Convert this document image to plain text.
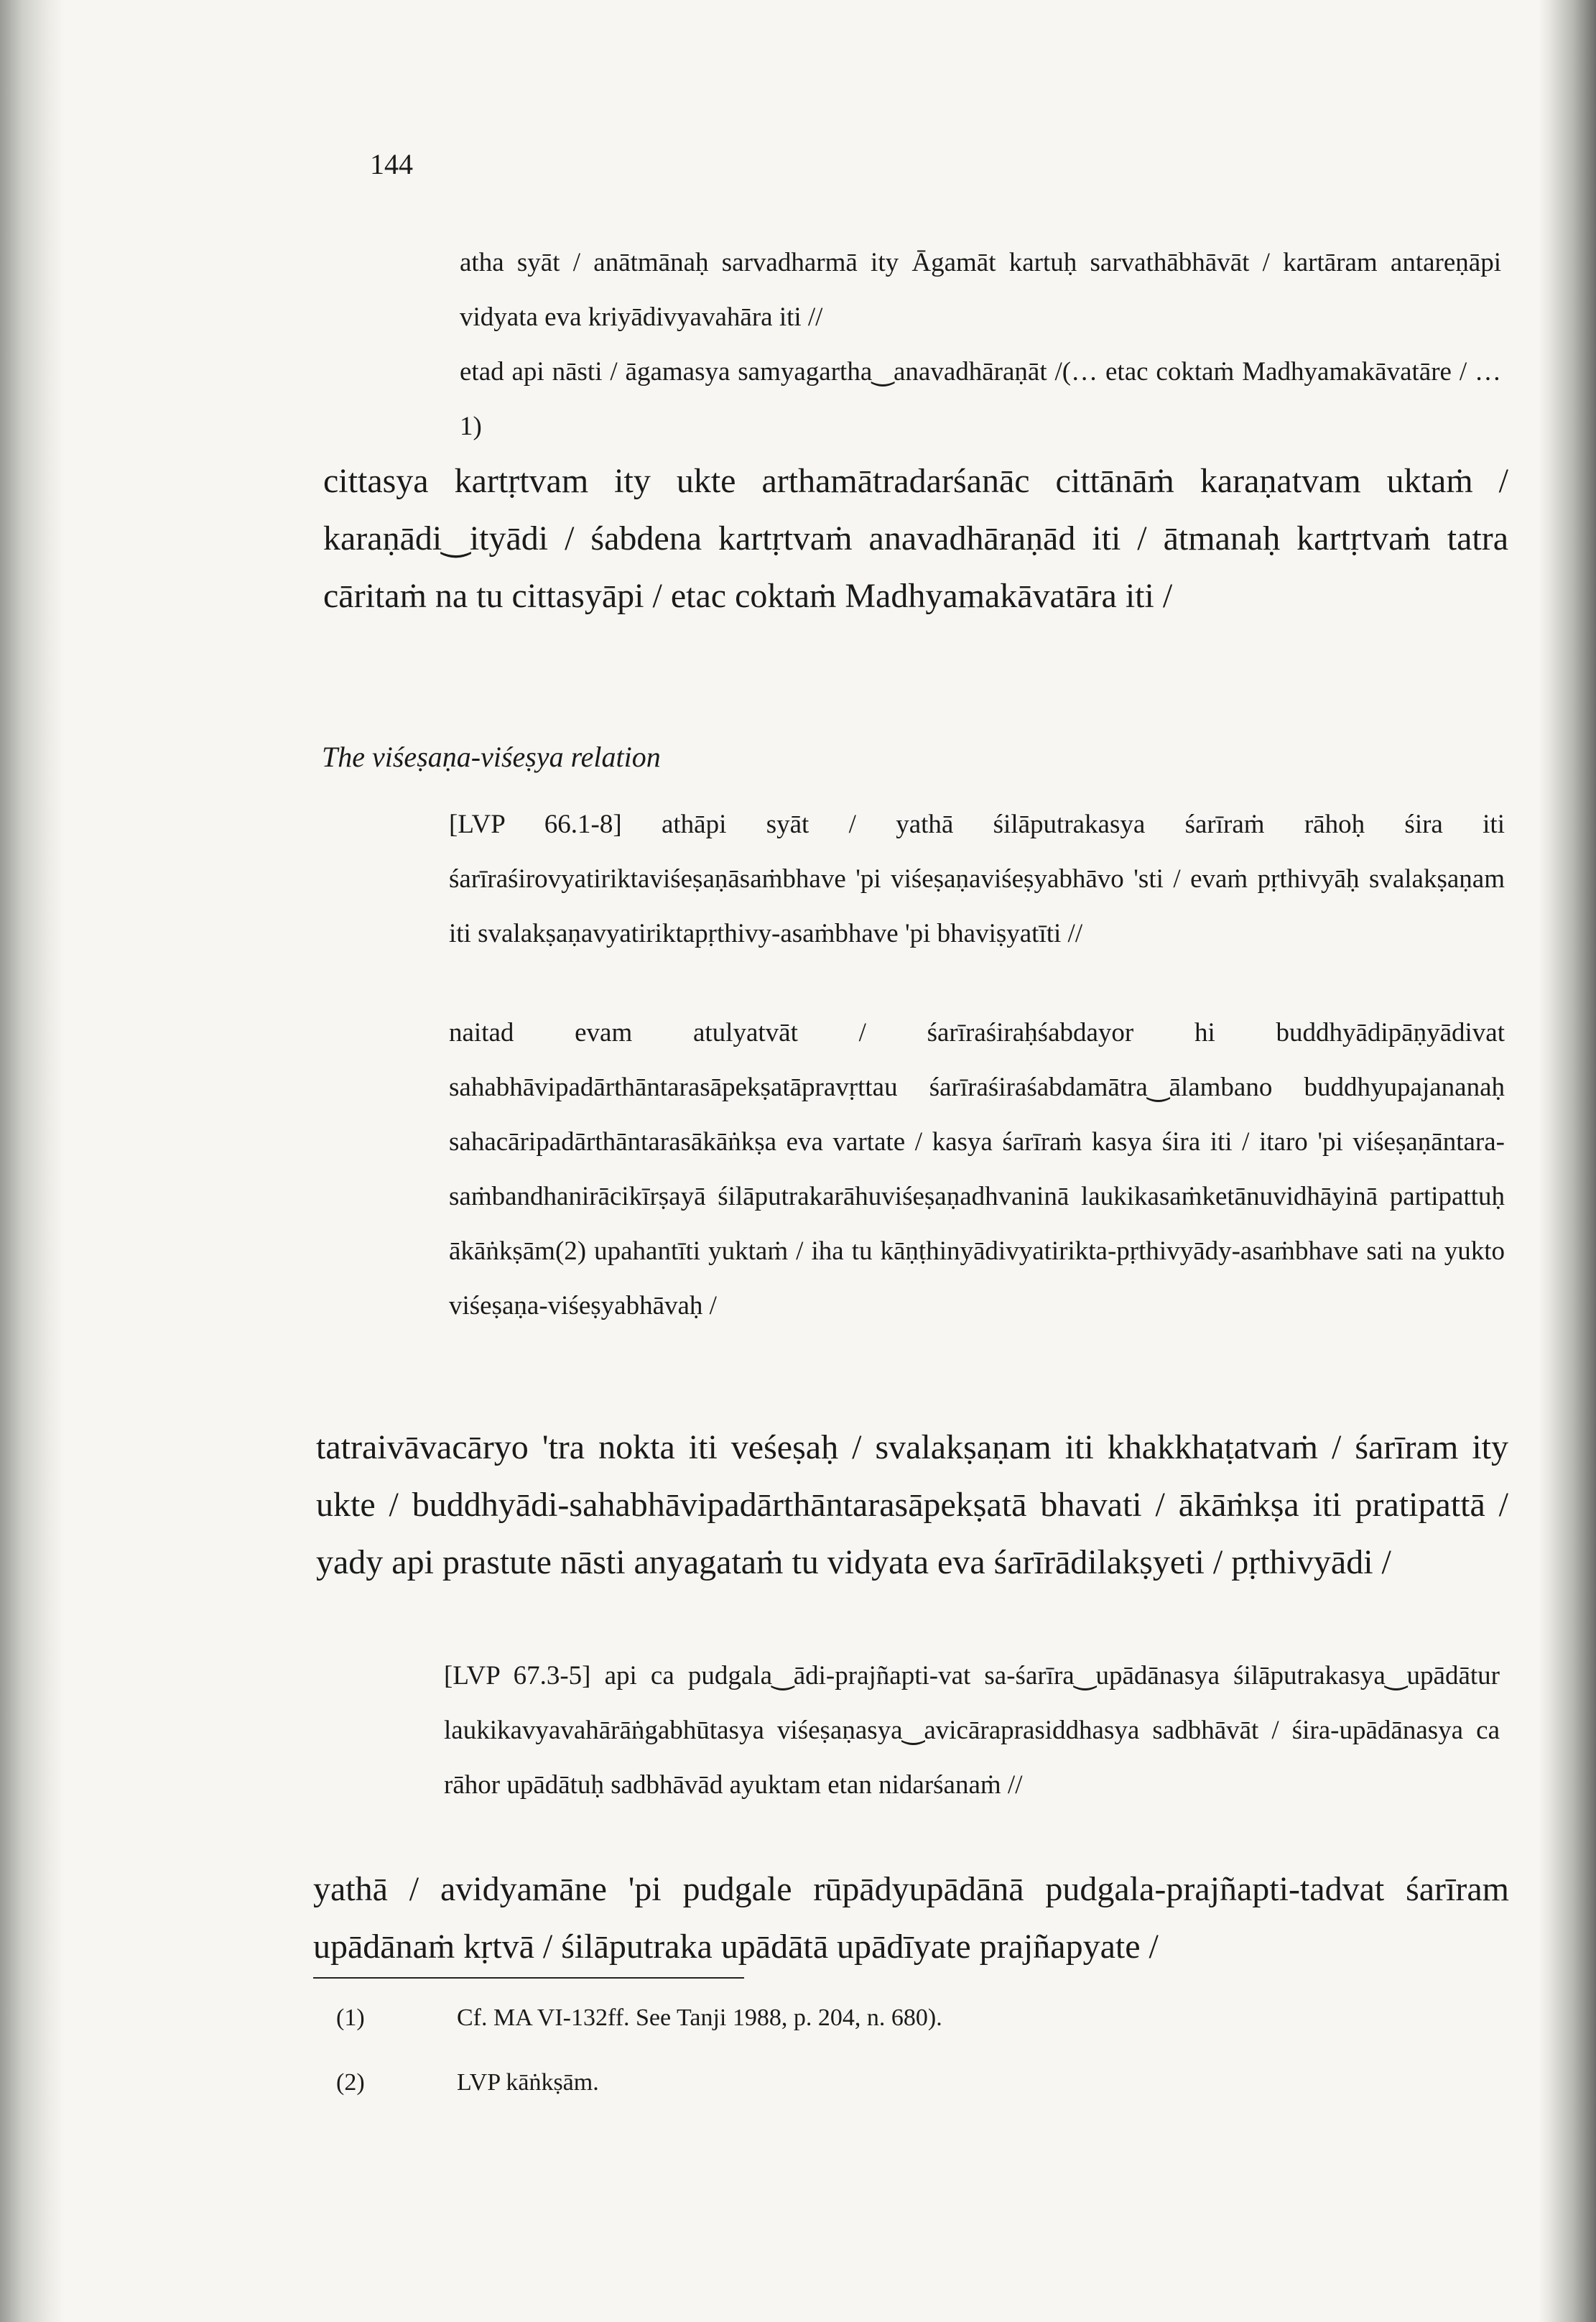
144

atha syāt / anātmānaḥ sarvadharmā ity Āgamāt kartuḥ sarvathābhāvāt / kartāram antareṇāpi vidyata eva kriyādivyavahāra iti //

etad api nāsti / āgamasya samyagartha‿anavadhāraṇāt /(… etac coktaṁ Madhyamakāvatāre / …1)

cittasya kartṛtvam ity ukte arthamātradarśanāc cittānāṁ karaṇatvam uktaṁ / karaṇādi‿ityādi / śabdena kartṛtvaṁ anavadhāraṇād iti / ātmanaḥ kartṛtvaṁ tatra cāritaṁ na tu cittasyāpi / etac coktaṁ Madhyamakāvatāra iti /

The viśeṣaṇa-viśeṣya relation

[LVP 66.1-8] athāpi syāt / yathā śilāputrakasya śarīraṁ rāhoḥ śira iti śarīraśirovyatiriktaviśeṣaṇāsaṁbhave 'pi viśeṣaṇaviśeṣyabhāvo 'sti / evaṁ pṛthivyāḥ svalakṣaṇam iti svalakṣaṇavyatiriktapṛthivy-asaṁbhave 'pi bhaviṣyatīti //

naitad evam atulyatvāt / śarīraśiraḥśabdayor hi buddhyādipāṇyādivat sahabhāvipadārthāntarasāpekṣatāpravṛttau śarīraśiraśabdamātra‿ālambano buddhyupajananaḥ sahacāripadārthāntarasākāṅkṣa eva vartate / kasya śarīraṁ kasya śira iti / itaro 'pi viśeṣaṇāntara-saṁbandhanirācikīrṣayā śilāputrakarāhuviśeṣaṇadhvaninā laukikasaṁketānuvidhāyinā partipattuḥ ākāṅkṣām(2) upahantīti yuktaṁ / iha tu kāṇṭhinyādivyatirikta-pṛthivyādy-asaṁbhave sati na yukto viśeṣaṇa-viśeṣyabhāvaḥ /

tatraivāvacāryo 'tra nokta iti veśeṣaḥ / svalakṣaṇam iti khakkhaṭatvaṁ / śarīram ity ukte / buddhyādi-sahabhāvipadārthāntarasāpekṣatā bhavati / ākāṁkṣa iti pratipattā / yady api prastute nāsti anyagataṁ tu vidyata eva śarīrādilakṣyeti / pṛthivyādi /

[LVP 67.3-5] api ca pudgala‿ādi-prajñapti-vat sa-śarīra‿upādānasya śilāputrakasya‿upādātur laukikavyavahārāṅgabhūtasya viśeṣaṇasya‿avicāraprasiddhasya sadbhāvāt / śira-upādānasya ca rāhor upādātuḥ sadbhāvād ayuktam etan nidarśanaṁ //

yathā / avidyamāne 'pi pudgale rūpādyupādānā pudgala-prajñapti-tadvat śarīram upādānaṁ kṛtvā / śilāputraka upādātā upādīyate prajñapyate /

(1)	Cf. MA VI-132ff. See Tanji 1988, p. 204, n. 680).
(2)	LVP kāṅkṣām.
